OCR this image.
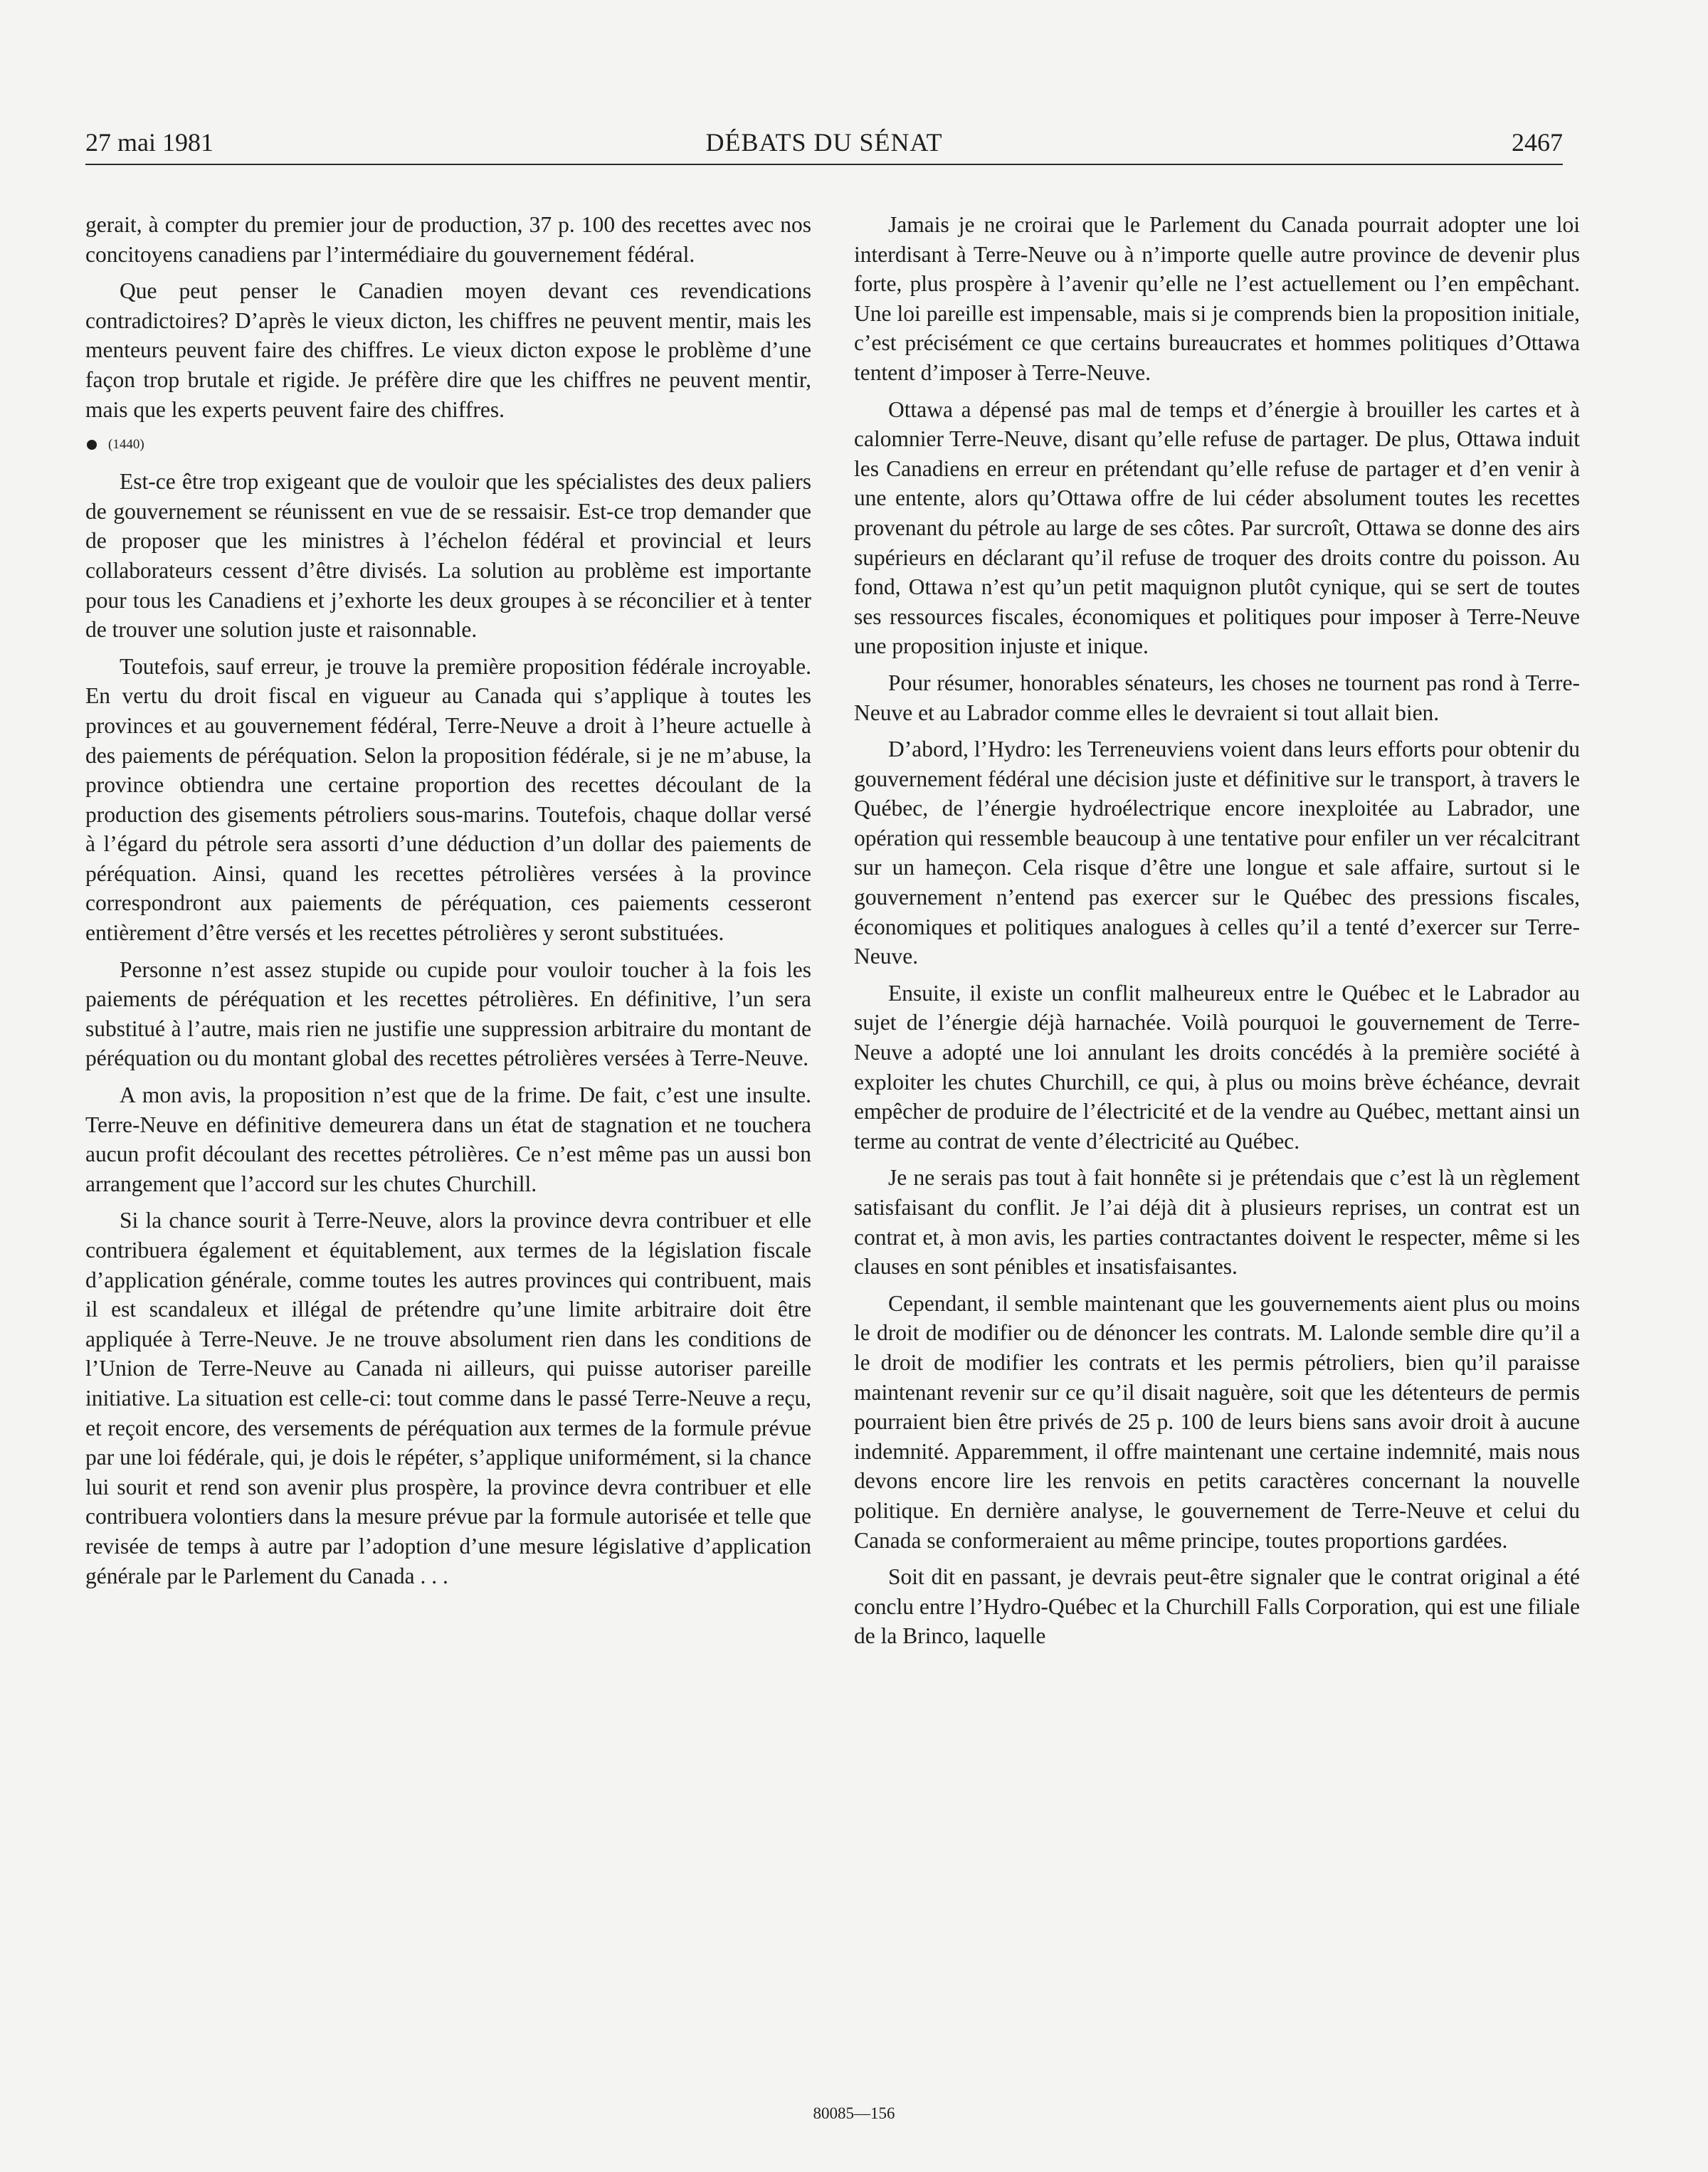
27 mai 1981	DÉBATS DU SÉNAT	2467

gerait, à compter du premier jour de production, 37 p. 100 des recettes avec nos concitoyens canadiens par l’intermédiaire du gouvernement fédéral.

Que peut penser le Canadien moyen devant ces revendications contradictoires? D’après le vieux dicton, les chiffres ne peuvent mentir, mais les menteurs peuvent faire des chiffres. Le vieux dicton expose le problème d’une façon trop brutale et rigide. Je préfère dire que les chiffres ne peuvent mentir, mais que les experts peuvent faire des chiffres.

(1440)

Est-ce être trop exigeant que de vouloir que les spécialistes des deux paliers de gouvernement se réunissent en vue de se ressaisir. Est-ce trop demander que de proposer que les ministres à l’échelon fédéral et provincial et leurs collaborateurs cessent d’être divisés. La solution au problème est importante pour tous les Canadiens et j’exhorte les deux groupes à se réconcilier et à tenter de trouver une solution juste et raisonnable.

Toutefois, sauf erreur, je trouve la première proposition fédérale incroyable. En vertu du droit fiscal en vigueur au Canada qui s’applique à toutes les provinces et au gouvernement fédéral, Terre-Neuve a droit à l’heure actuelle à des paiements de péréquation. Selon la proposition fédérale, si je ne m’abuse, la province obtiendra une certaine proportion des recettes découlant de la production des gisements pétroliers sous-marins. Toutefois, chaque dollar versé à l’égard du pétrole sera assorti d’une déduction d’un dollar des paiements de péréquation. Ainsi, quand les recettes pétrolières versées à la province correspondront aux paiements de péréquation, ces paiements cesseront entièrement d’être versés et les recettes pétrolières y seront substituées.

Personne n’est assez stupide ou cupide pour vouloir toucher à la fois les paiements de péréquation et les recettes pétrolières. En définitive, l’un sera substitué à l’autre, mais rien ne justifie une suppression arbitraire du montant de péréquation ou du montant global des recettes pétrolières versées à Terre-Neuve.

A mon avis, la proposition n’est que de la frime. De fait, c’est une insulte. Terre-Neuve en définitive demeurera dans un état de stagnation et ne touchera aucun profit découlant des recettes pétrolières. Ce n’est même pas un aussi bon arrangement que l’accord sur les chutes Churchill.

Si la chance sourit à Terre-Neuve, alors la province devra contribuer et elle contribuera également et équitablement, aux termes de la législation fiscale d’application générale, comme toutes les autres provinces qui contribuent, mais il est scandaleux et illégal de prétendre qu’une limite arbitraire doit être appliquée à Terre-Neuve. Je ne trouve absolument rien dans les conditions de l’Union de Terre-Neuve au Canada ni ailleurs, qui puisse autoriser pareille initiative. La situation est celle-ci: tout comme dans le passé Terre-Neuve a reçu, et reçoit encore, des versements de péréquation aux termes de la formule prévue par une loi fédérale, qui, je dois le répéter, s’applique uniformément, si la chance lui sourit et rend son avenir plus prospère, la province devra contribuer et elle contribuera volontiers dans la mesure prévue par la formule autorisée et telle que revisée de temps à autre par l’adoption d’une mesure législative d’application générale par le Parlement du Canada . . .

Jamais je ne croirai que le Parlement du Canada pourrait adopter une loi interdisant à Terre-Neuve ou à n’importe quelle autre province de devenir plus forte, plus prospère à l’avenir qu’elle ne l’est actuellement ou l’en empêchant. Une loi pareille est impensable, mais si je comprends bien la proposition initiale, c’est précisément ce que certains bureaucrates et hommes politiques d’Ottawa tentent d’imposer à Terre-Neuve.

Ottawa a dépensé pas mal de temps et d’énergie à brouiller les cartes et à calomnier Terre-Neuve, disant qu’elle refuse de partager. De plus, Ottawa induit les Canadiens en erreur en prétendant qu’elle refuse de partager et d’en venir à une entente, alors qu’Ottawa offre de lui céder absolument toutes les recettes provenant du pétrole au large de ses côtes. Par surcroît, Ottawa se donne des airs supérieurs en déclarant qu’il refuse de troquer des droits contre du poisson. Au fond, Ottawa n’est qu’un petit maquignon plutôt cynique, qui se sert de toutes ses ressources fiscales, économiques et politiques pour imposer à Terre-Neuve une proposition injuste et inique.

Pour résumer, honorables sénateurs, les choses ne tournent pas rond à Terre-Neuve et au Labrador comme elles le devraient si tout allait bien.

D’abord, l’Hydro: les Terreneuviens voient dans leurs efforts pour obtenir du gouvernement fédéral une décision juste et définitive sur le transport, à travers le Québec, de l’énergie hydroélectrique encore inexploitée au Labrador, une opération qui ressemble beaucoup à une tentative pour enfiler un ver récalcitrant sur un hameçon. Cela risque d’être une longue et sale affaire, surtout si le gouvernement n’entend pas exercer sur le Québec des pressions fiscales, économiques et politiques analogues à celles qu’il a tenté d’exercer sur Terre-Neuve.

Ensuite, il existe un conflit malheureux entre le Québec et le Labrador au sujet de l’énergie déjà harnachée. Voilà pourquoi le gouvernement de Terre-Neuve a adopté une loi annulant les droits concédés à la première société à exploiter les chutes Churchill, ce qui, à plus ou moins brève échéance, devrait empêcher de produire de l’électricité et de la vendre au Québec, mettant ainsi un terme au contrat de vente d’électricité au Québec.

Je ne serais pas tout à fait honnête si je prétendais que c’est là un règlement satisfaisant du conflit. Je l’ai déjà dit à plusieurs reprises, un contrat est un contrat et, à mon avis, les parties contractantes doivent le respecter, même si les clauses en sont pénibles et insatisfaisantes.

Cependant, il semble maintenant que les gouvernements aient plus ou moins le droit de modifier ou de dénoncer les contrats. M. Lalonde semble dire qu’il a le droit de modifier les contrats et les permis pétroliers, bien qu’il paraisse maintenant revenir sur ce qu’il disait naguère, soit que les détenteurs de permis pourraient bien être privés de 25 p. 100 de leurs biens sans avoir droit à aucune indemnité. Apparemment, il offre maintenant une certaine indemnité, mais nous devons encore lire les renvois en petits caractères concernant la nouvelle politique. En dernière analyse, le gouvernement de Terre-Neuve et celui du Canada se conformeraient au même principe, toutes proportions gardées.

Soit dit en passant, je devrais peut-être signaler que le contrat original a été conclu entre l’Hydro-Québec et la Churchill Falls Corporation, qui est une filiale de la Brinco, laquelle

80085—156
